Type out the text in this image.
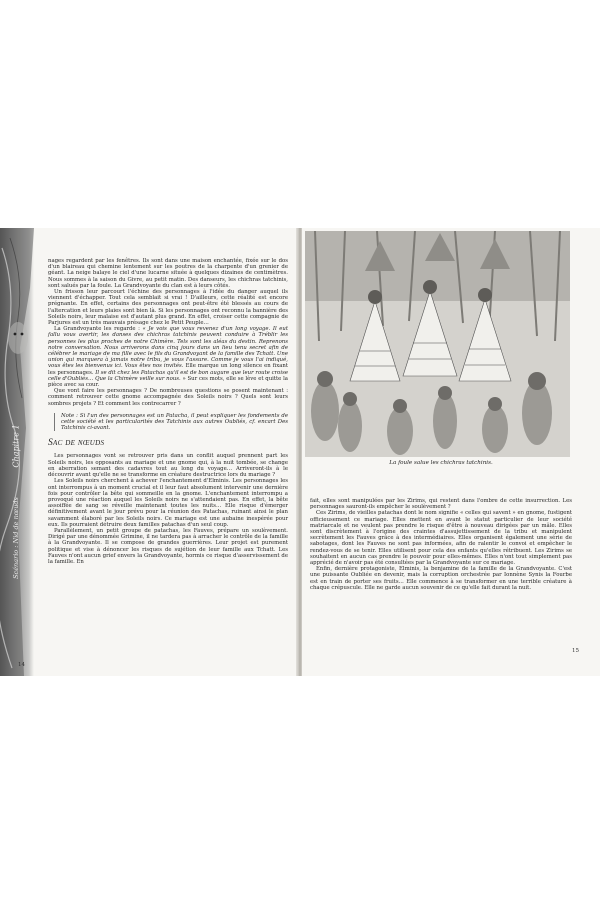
Chapitre 1
Scénario : Nid de nœuds

nages regardent par les fenêtres. Ils sont dans une maison enchantée, fixée sur le dos d'un blaireau qui chemine lentement sur les poutres de la charpente d'un grenier de géant. La neige balaye le ciel d'une lucarne située à quelques dizaines de centimètres. Nous sommes à la saison du Givre, au petit matin. Des danseurs, les chichras tatchinis, sont salués par la foule. La Grandvoyante du clan est à leurs côtés.

Un frisson leur parcourt l'échine des personnages à l'idée du danger auquel ils viennent d'échapper. Tout cela semblait si vrai ! D'ailleurs, cette réalité est encore prégnante. En effet, certains des personnages ont peut-être été blessés au cours de l'altercation et leurs plaies sont bien là. Si les personnages ont reconnu la bannière des Soleils noirs, leur malaise est d'autant plus grand. En effet, croiser cette compagnie de Parjures est un très mauvais présage chez le Petit Peuple…

La Grandvoyante les regarde : « Je vois que vous revenez d'un long voyage. Il eut fallu vous avertir, les danses des chichras tatchinis peuvent conduire à Tréblir les personnes les plus proches de notre Chimère. Tels sont les aléas du destin. Reprenons notre conversation. Nous arriverons dans cinq jours dans un lieu tenu secret afin de célébrer le mariage de ma fille avec le fils du Grandvoyant de la famille des Tchatt. Une union qui marquera à jamais notre tribu, je vous l'assure. Comme je vous l'ai indiqué, vous êtes les bienvenus ici. Vous êtes nos invités. Elle marque un long silence en fixant les personnages. Il se dit chez les Patachas qu'il est de bon augure que leur route croise celle d'Oubliés… Que la Chimère veille sur nous. » Sur ces mots, elle se lève et quitte la pièce avec sa cour.

Que vont faire les personnages ? De nombreuses questions se posent maintenant : comment retrouver cette gnome accompagnée des Soleils noirs ? Quels sont leurs sombres projets ? Et comment les contrecarrer ?

Note : Si l'un des personnages est un Patacha, il peut expliquer les fondements de cette société et les particularités des Tatchinis aux autres Oubliés, cf. encart Des Tatchinis ci-avant.
Sac de nœuds

Les personnages vont se retrouver pris dans un conflit auquel prennent part les Soleils noirs, les opposants au mariage et une gnome qui, à la nuit tombée, se change en aberration semant des cadavres tout au long du voyage… Arriveront-ils à le découvrir avant qu'elle ne se transforme en créature destructrice lors du mariage ?

Les Soleils noirs cherchent à achever l'enchantement d'Elminis. Les personnages les ont interrompus à un moment crucial et il leur faut absolument intervenir une dernière fois pour contrôler la bête qui sommeille en la gnome. L'enchantement interrompu a provoqué une réaction auquel les Soleils noirs ne s'attendaient pas. En effet, la bête assoiffée de sang se réveille maintenant toutes les nuits… Elle risque d'émerger définitivement avant le jour prévu pour la réunion des Patachas, ruinant ainsi le plan savamment élaboré par les Soleils noirs. Ce mariage est une aubaine inespérée pour eux. Ils pourraient détruire deux familles patachas d'un seul coup.

Parallèlement, un petit groupe de patachas, les Fauves, prépare un soulèvement. Dirigé par une dénommée Grimine, il ne tardera pas à arracher le contrôle de la famille à la Grandvoyante. Il se compose de grandes guerrières. Leur projet est purement politique et vise à dénoncer les risques de sujétion de leur famille aux Tchatt. Les Fauves n'ont aucun grief envers la Grandvoyante, hormis ce risque d'asservissement de la famille. En

14
La foule salue les chichras tatchinis.

fait, elles sont manipulées par les Zirims, qui restent dans l'ombre de cette insurrection. Les personnages sauront-ils empêcher le soulèvement ?

Ces Zirims, de vieilles patachas dont le nom signifie « celles qui savent » en gnome, fustigent officieusement ce mariage. Elles mettent en avant le statut particulier de leur société matriarcale et ne veulent pas prendre le risque d'être à nouveau dirigées par un mâle. Elles sont discrètement à l'origine des craintes d'assujettissement de la tribu et manipulent secrètement les Fauves grâce à des intermédiaires. Elles organisent également une série de sabotages, dont les Fauves ne sont pas informées, afin de ralentir le convoi et empêcher le rendez-vous de se tenir. Elles utilisent pour cela des enfants qu'elles rétribuent. Les Zirims se souhaitent en aucun cas prendre le pouvoir pour elles-mêmes. Elles n'ont tout simplement pas apprécié de n'avoir pas été consultées par la Grandvoyante sur ce mariage.

Enfin, dernière protagoniste, Elminis, la benjamine de la famille de la Grandvoyante. C'est une puissante Oubliée en devenir, mais la corruption orchestrée par Ionnène Synis la Fourbe est en train de porter ses fruits… Elle commence à se transformer en une terrible créature à chaque crépuscule. Elle ne garde aucun souvenir de ce qu'elle fait durant la nuit.

15
